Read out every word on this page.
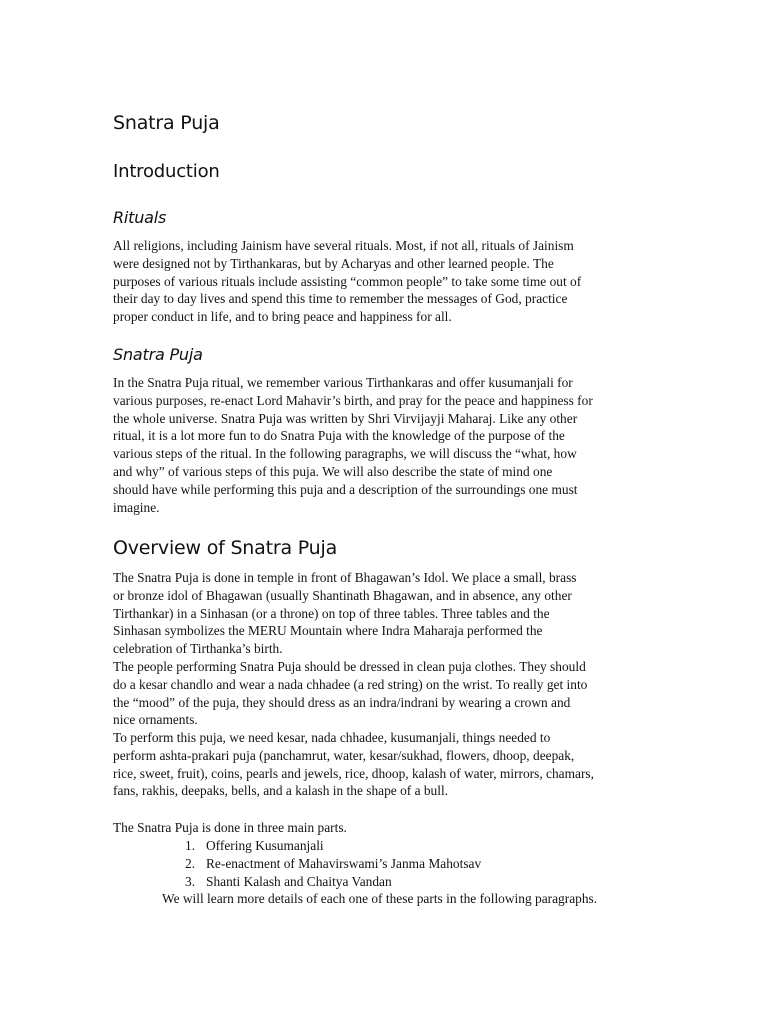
Snatra Puja
Introduction
Rituals

All religions, including Jainism have several rituals. Most, if not all, rituals of Jainism
were designed not by Tirthankaras, but by Acharyas and other learned people. The
purposes of various rituals include assisting “common people” to take some time out of
their day to day lives and spend this time to remember the messages of God, practice
proper conduct in life, and to bring peace and happiness for all.

Snatra Puja

In the Snatra Puja ritual, we remember various Tirthankaras and offer kusumanjali for
various purposes, re-enact Lord Mahavir’s birth, and pray for the peace and happiness for
the whole universe. Snatra Puja was written by Shri Virvijayji Maharaj. Like any other
ritual, it is a lot more fun to do Snatra Puja with the knowledge of the purpose of the
various steps of the ritual. In the following paragraphs, we will discuss the “what, how
and why” of various steps of this puja. We will also describe the state of mind one
should have while performing this puja and a description of the surroundings one must
imagine.

Overview of Snatra Puja

The Snatra Puja is done in temple in front of Bhagawan’s Idol. We place a small, brass
or bronze idol of Bhagawan (usually Shantinath Bhagawan, and in absence, any other
Tirthankar) in a Sinhasan (or a throne) on top of three tables. Three tables and the
Sinhasan symbolizes the MERU Mountain where Indra Maharaja performed the
celebration of Tirthanka’s birth.

The people performing Snatra Puja should be dressed in clean puja clothes. They should
do a kesar chandlo and wear a nada chhadee (a red string) on the wrist. To really get into
the “mood” of the puja, they should dress as an indra/indrani by wearing a crown and
nice ornaments.

To perform this puja, we need kesar, nada chhadee, kusumanjali, things needed to
perform ashta-prakari puja (panchamrut, water, kesar/sukhad, flowers, dhoop, deepak,
rice, sweet, fruit), coins, pearls and jewels, rice, dhoop, kalash of water, mirrors, chamars,
fans, rakhis, deepaks, bells, and a kalash in the shape of a bull.

The Snatra Puja is done in three main parts.

1. Offering Kusumanjali
2. Re-enactment of Mahavirswami’s Janma Mahotsav
3. Shanti Kalash and Chaitya Vandan

We will learn more details of each one of these parts in the following paragraphs.
